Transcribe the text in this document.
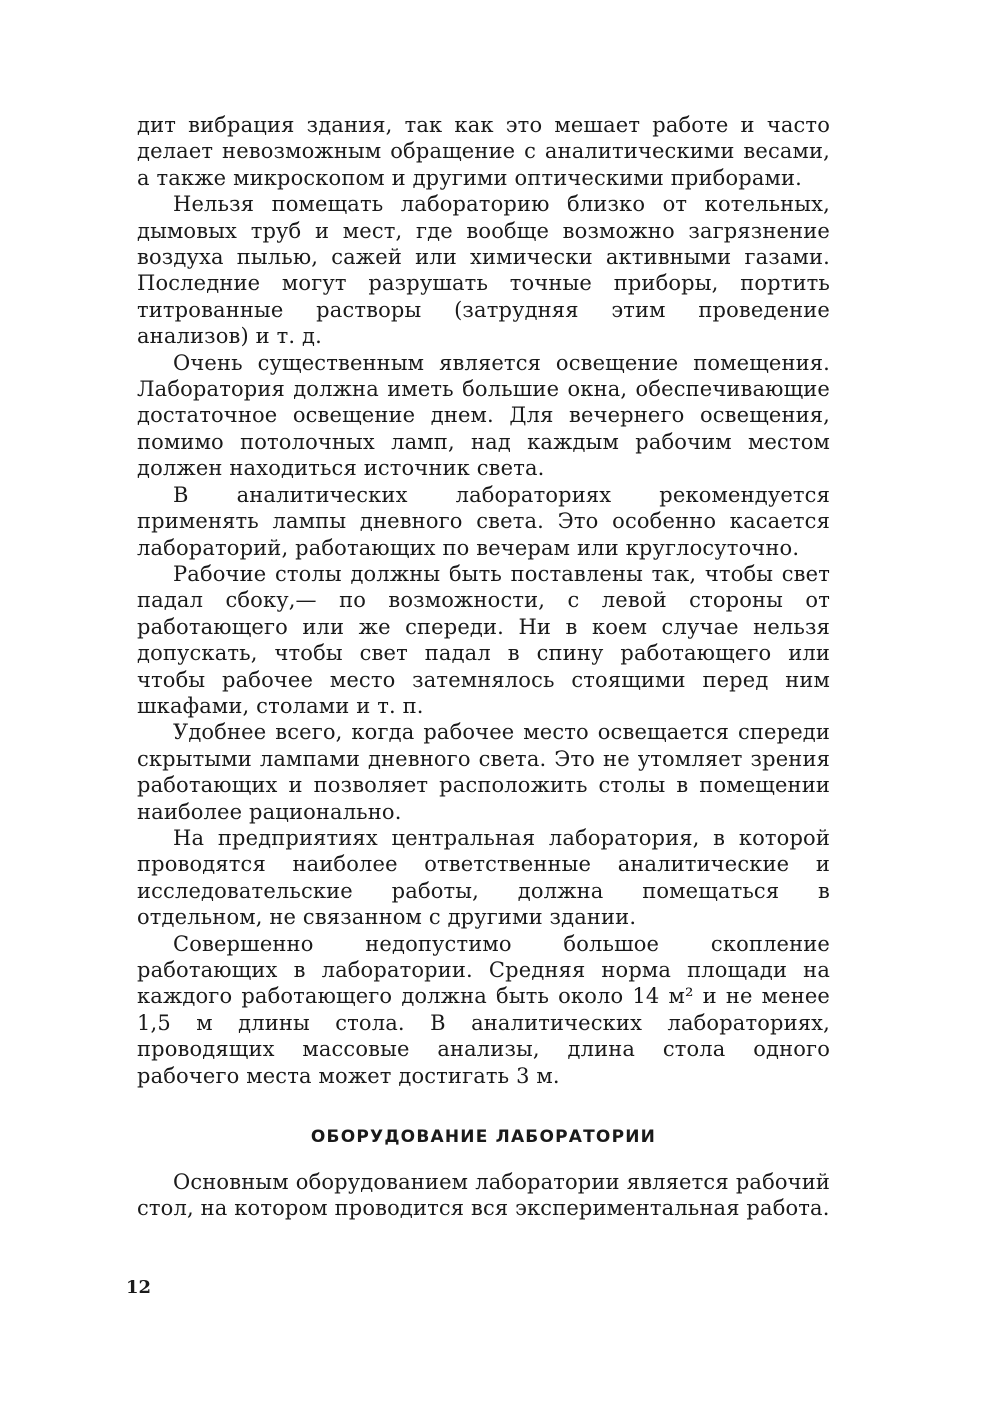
дит вибрация здания, так как это мешает работе и часто делает невозможным обращение с аналитическими весами, а также микроскопом и другими оптическими приборами.

Нельзя помещать лабораторию близко от котельных, дымовых труб и мест, где вообще возможно загрязнение воздуха пылью, сажей или химически активными газами. Последние могут разрушать точные приборы, портить титрованные растворы (затрудняя этим проведение анализов) и т. д.

Очень существенным является освещение помещения. Лаборатория должна иметь большие окна, обеспечивающие достаточное освещение днем. Для вечернего освещения, помимо потолочных ламп, над каждым рабочим местом должен находиться источник света.

В аналитических лабораториях рекомендуется применять лампы дневного света. Это особенно касается лабораторий, работающих по вечерам или круглосуточно.

Рабочие столы должны быть поставлены так, чтобы свет падал сбоку,— по возможности, с левой стороны от работающего или же спереди. Ни в коем случае нельзя допускать, чтобы свет падал в спину работающего или чтобы рабочее место затемнялось стоящими перед ним шкафами, столами и т. п.

Удобнее всего, когда рабочее место освещается спереди скрытыми лампами дневного света. Это не утомляет зрения работающих и позволяет расположить столы в помещении наиболее рационально.

На предприятиях центральная лаборатория, в которой проводятся наиболее ответственные аналитические и исследовательские работы, должна помещаться в отдельном, не связанном с другими здании.

Совершенно недопустимо большое скопление работающих в лаборатории. Средняя норма площади на каждого работающего должна быть около 14 м² и не менее 1,5 м длины стола. В аналитических лабораториях, проводящих массовые анализы, длина стола одного рабочего места может достигать 3 м.

ОБОРУДОВАНИЕ ЛАБОРАТОРИИ

Основным оборудованием лаборатории является рабочий стол, на котором проводится вся экспериментальная работа.

12
